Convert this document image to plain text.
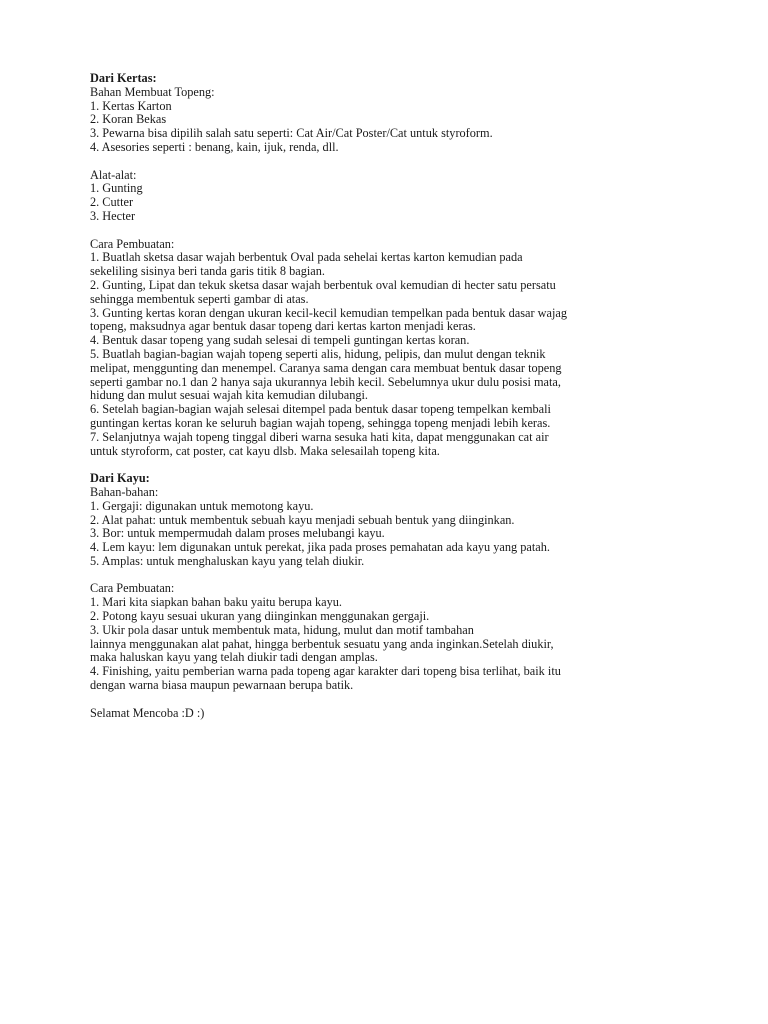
Dari Kertas:
Bahan Membuat Topeng:
1. Kertas Karton
2. Koran Bekas
3. Pewarna bisa dipilih salah satu seperti: Cat Air/Cat Poster/Cat untuk styroform.
4. Asesories seperti : benang, kain, ijuk, renda, dll.
Alat-alat:
1. Gunting
2. Cutter
3. Hecter
Cara Pembuatan:
1. Buatlah sketsa dasar wajah berbentuk Oval pada sehelai kertas karton kemudian pada
sekeliling sisinya beri tanda garis titik 8 bagian.
2. Gunting, Lipat dan tekuk sketsa dasar wajah berbentuk oval kemudian di hecter satu persatu
sehingga membentuk seperti gambar di atas.
3. Gunting kertas koran dengan ukuran kecil-kecil kemudian tempelkan pada bentuk dasar wajag
topeng, maksudnya agar bentuk dasar topeng dari kertas karton menjadi keras.
4. Bentuk dasar topeng yang sudah selesai di tempeli guntingan kertas koran.
5. Buatlah bagian-bagian wajah topeng seperti alis, hidung, pelipis, dan mulut dengan teknik
melipat, menggunting dan menempel. Caranya sama dengan cara membuat bentuk dasar topeng
seperti gambar no.1 dan 2 hanya saja ukurannya lebih kecil. Sebelumnya ukur dulu posisi mata,
hidung dan mulut sesuai wajah kita kemudian dilubangi.
6. Setelah bagian-bagian wajah selesai ditempel pada bentuk dasar topeng tempelkan kembali
guntingan kertas koran ke seluruh bagian wajah topeng, sehingga topeng menjadi lebih keras.
7. Selanjutnya wajah topeng tinggal diberi warna sesuka hati kita, dapat menggunakan cat air
untuk styroform, cat poster, cat kayu dlsb. Maka selesailah topeng kita.
Dari Kayu:
Bahan-bahan:
1. Gergaji: digunakan untuk memotong kayu.
2. Alat pahat: untuk membentuk sebuah kayu menjadi sebuah bentuk yang diinginkan.
3. Bor: untuk mempermudah dalam proses melubangi kayu.
4. Lem kayu: lem digunakan untuk perekat, jika pada proses pemahatan ada kayu yang patah.
5. Amplas: untuk menghaluskan kayu yang telah diukir.
Cara Pembuatan:
1. Mari kita siapkan bahan baku yaitu berupa kayu.
2. Potong kayu sesuai ukuran yang diinginkan menggunakan gergaji.
3. Ukir pola dasar untuk membentuk mata, hidung, mulut dan motif tambahan
lainnya menggunakan alat pahat, hingga berbentuk sesuatu yang anda inginkan.Setelah diukir,
maka haluskan kayu yang telah diukir tadi dengan amplas.
4. Finishing, yaitu pemberian warna pada topeng agar karakter dari topeng bisa terlihat, baik itu
dengan warna biasa maupun pewarnaan berupa batik.
Selamat Mencoba :D :)
